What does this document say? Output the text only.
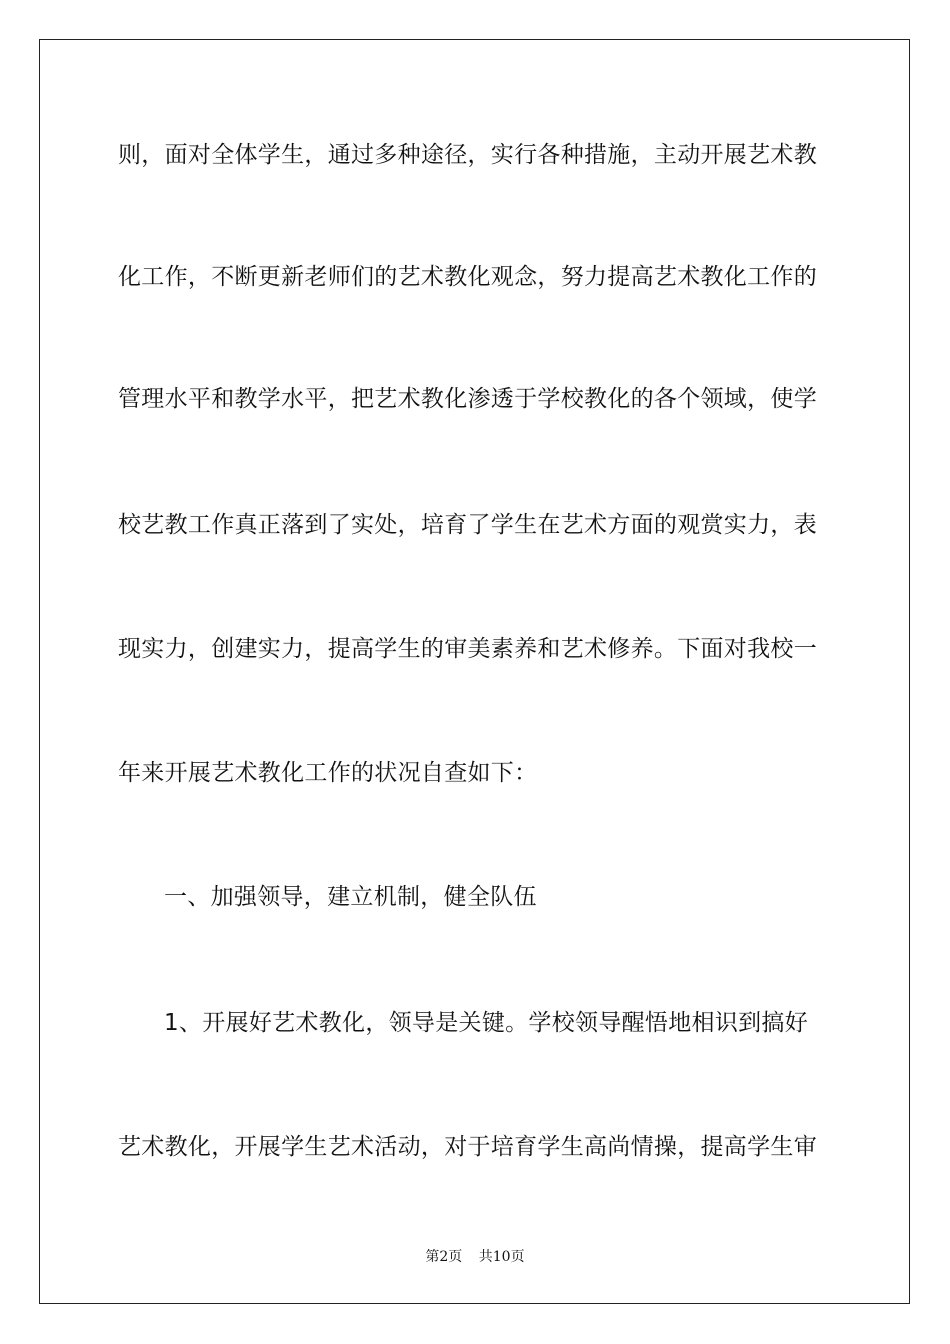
则，面对全体学生，通过多种途径，实行各种措施，主动开展艺术教
化工作，不断更新老师们的艺术教化观念，努力提高艺术教化工作的
管理水平和教学水平，把艺术教化渗透于学校教化的各个领域，使学
校艺教工作真正落到了实处，培育了学生在艺术方面的观赏实力，表
现实力，创建实力，提高学生的审美素养和艺术修养。下面对我校一
年来开展艺术教化工作的状况自查如下：
一、加强领导，建立机制，健全队伍
1、开展好艺术教化，领导是关键。学校领导醒悟地相识到搞好
艺术教化，开展学生艺术活动，对于培育学生高尚情操，提高学生审
第2页 共10页
